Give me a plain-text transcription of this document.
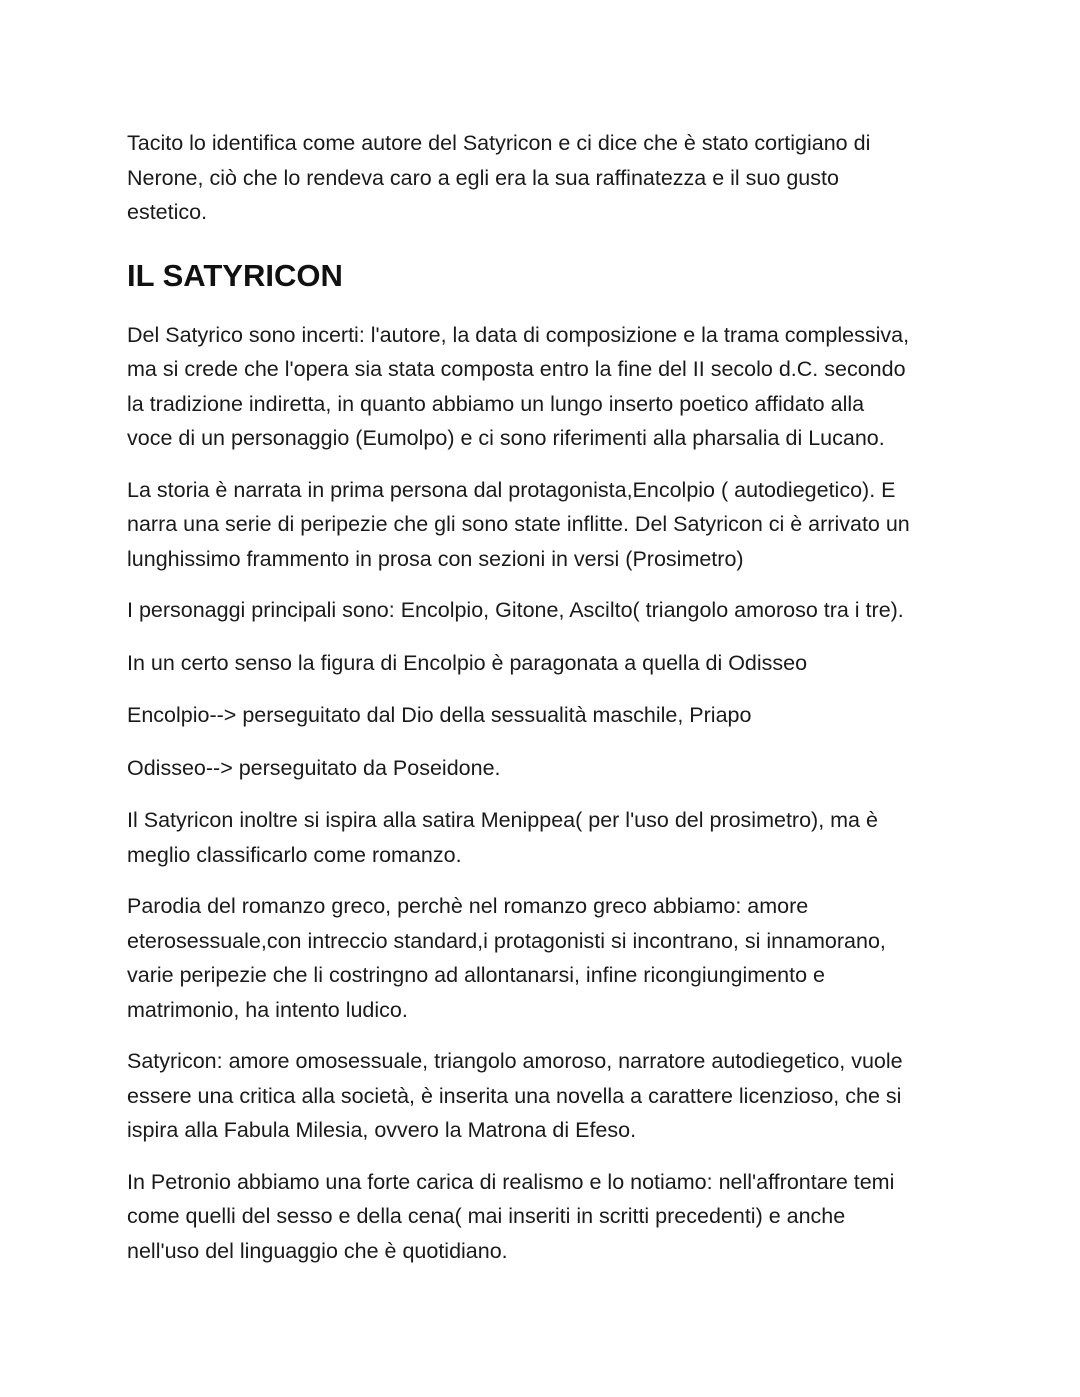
Tacito lo identifica come autore del Satyricon e ci dice che è stato cortigiano di
Nerone, ciò che lo rendeva caro a egli era la sua raffinatezza e il suo gusto
estetico.

IL SATYRICON

Del Satyrico sono incerti: l'autore, la data di composizione e la trama complessiva,
ma si crede che l'opera sia stata composta entro la fine del II secolo d.C. secondo
la tradizione indiretta, in quanto abbiamo un lungo inserto poetico affidato alla
voce di un personaggio (Eumolpo) e ci sono riferimenti alla pharsalia di Lucano.

La storia è narrata in prima persona dal protagonista,Encolpio ( autodiegetico). E
narra una serie di peripezie che gli sono state inflitte. Del Satyricon ci è arrivato un
lunghissimo frammento in prosa con sezioni in versi (Prosimetro)

I personaggi principali sono: Encolpio, Gitone, Ascilto( triangolo amoroso tra i tre).

In un certo senso la figura di Encolpio è paragonata a quella di Odisseo

Encolpio--> perseguitato dal Dio della sessualità maschile, Priapo

Odisseo--> perseguitato da Poseidone.

Il Satyricon inoltre si ispira alla satira Menippea( per l'uso del prosimetro), ma è
meglio classificarlo come romanzo.

Parodia del romanzo greco, perchè nel romanzo greco abbiamo: amore
eterosessuale,con intreccio standard,i protagonisti si incontrano, si innamorano,
varie peripezie che li costringno ad allontanarsi, infine ricongiungimento e
matrimonio, ha intento ludico.

Satyricon: amore omosessuale, triangolo amoroso, narratore autodiegetico, vuole
essere una critica alla società, è inserita una novella a carattere licenzioso, che si
ispira alla Fabula Milesia, ovvero la Matrona di Efeso.

In Petronio abbiamo una forte carica di realismo e lo notiamo: nell'affrontare temi
come quelli del sesso e della cena( mai inseriti in scritti precedenti) e anche
nell'uso del linguaggio che è quotidiano.
